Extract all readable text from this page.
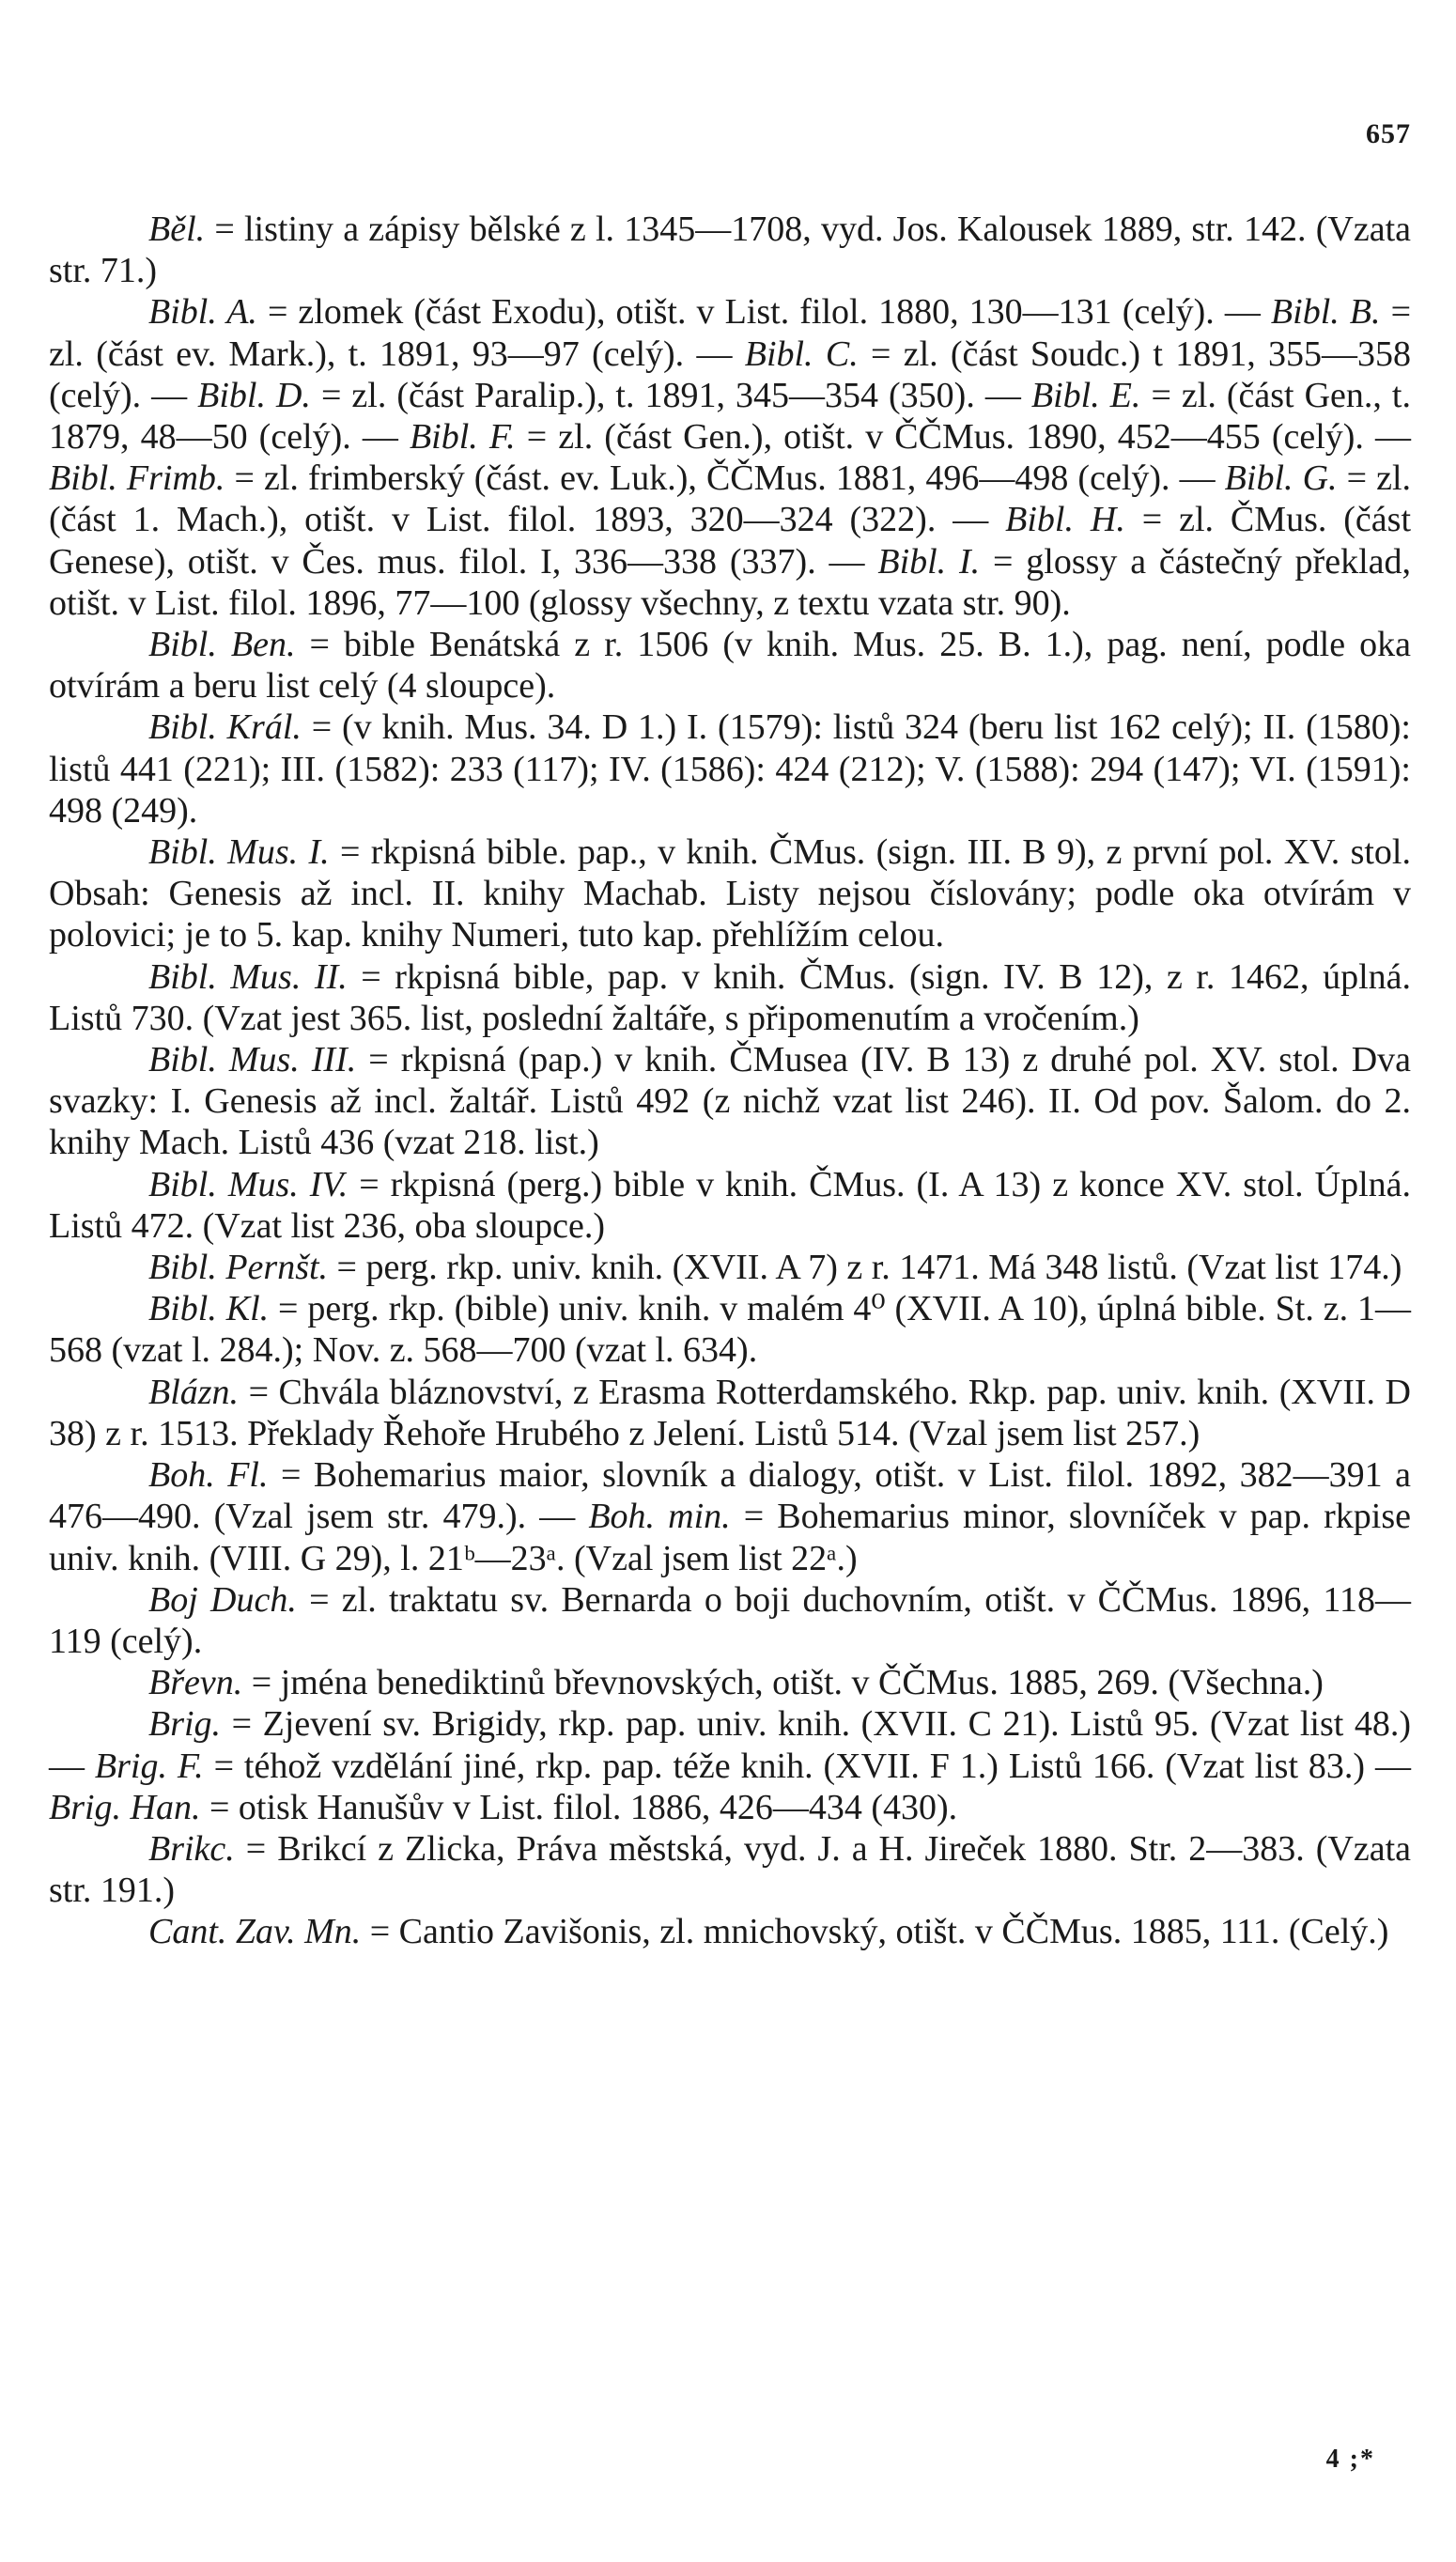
657

Běl. = listiny a zápisy bělské z l. 1345—1708, vyd. Jos. Kalousek 1889, str. 142. (Vzata str. 71.)

Bibl. A. = zlomek (část Exodu), otišt. v List. filol. 1880, 130—131 (celý). — Bibl. B. = zl. (část ev. Mark.), t. 1891, 93—97 (celý). — Bibl. C. = zl. (část Soudc.) t 1891, 355—358 (celý). — Bibl. D. = zl. (část Paralip.), t. 1891, 345—354 (350). — Bibl. E. = zl. (část Gen., t. 1879, 48—50 (celý). — Bibl. F. = zl. (část Gen.), otišt. v ČČMus. 1890, 452—455 (celý). — Bibl. Frimb. = zl. frimberský (část. ev. Luk.), ČČMus. 1881, 496—498 (celý). — Bibl. G. = zl. (část 1. Mach.), otišt. v List. filol. 1893, 320—324 (322). — Bibl. H. = zl. ČMus. (část Genese), otišt. v Čes. mus. filol. I, 336—338 (337). — Bibl. I. = glossy a částečný překlad, otišt. v List. filol. 1896, 77—100 (glossy všechny, z textu vzata str. 90).

Bibl. Ben. = bible Benátská z r. 1506 (v knih. Mus. 25. B. 1.), pag. není, podle oka otvírám a beru list celý (4 sloupce).

Bibl. Král. = (v knih. Mus. 34. D 1.) I. (1579): listů 324 (beru list 162 celý); II. (1580): listů 441 (221); III. (1582): 233 (117); IV. (1586): 424 (212); V. (1588): 294 (147); VI. (1591): 498 (249).

Bibl. Mus. I. = rkpisná bible. pap., v knih. ČMus. (sign. III. B 9), z první pol. XV. stol. Obsah: Genesis až incl. II. knihy Machab. Listy nejsou číslovány; podle oka otvírám v polovici; je to 5. kap. knihy Numeri, tuto kap. přehlížím celou.

Bibl. Mus. II. = rkpisná bible, pap. v knih. ČMus. (sign. IV. B 12), z r. 1462, úplná. Listů 730. (Vzat jest 365. list, poslední žaltáře, s připomenutím a vročením.)

Bibl. Mus. III. = rkpisná (pap.) v knih. ČMusea (IV. B 13) z druhé pol. XV. stol. Dva svazky: I. Genesis až incl. žaltář. Listů 492 (z nichž vzat list 246). II. Od pov. Šalom. do 2. knihy Mach. Listů 436 (vzat 218. list.)

Bibl. Mus. IV. = rkpisná (perg.) bible v knih. ČMus. (I. A 13) z konce XV. stol. Úplná. Listů 472. (Vzat list 236, oba sloupce.)

Bibl. Pernšt. = perg. rkp. univ. knih. (XVII. A 7) z r. 1471. Má 348 listů. (Vzat list 174.)

Bibl. Kl. = perg. rkp. (bible) univ. knih. v malém 4⁰ (XVII. A 10), úplná bible. St. z. 1—568 (vzat l. 284.); Nov. z. 568—700 (vzat l. 634).

Blázn. = Chvála bláznovství, z Erasma Rotterdamského. Rkp. pap. univ. knih. (XVII. D 38) z r. 1513. Překlady Řehoře Hrubého z Jelení. Listů 514. (Vzal jsem list 257.)

Boh. Fl. = Bohemarius maior, slovník a dialogy, otišt. v List. filol. 1892, 382—391 a 476—490. (Vzal jsem str. 479.). — Boh. min. = Bohemarius minor, slovníček v pap. rkpise univ. knih. (VIII. G 29), l. 21ᵇ—23ᵃ. (Vzal jsem list 22ᵃ.)

Boj Duch. = zl. traktatu sv. Bernarda o boji duchovním, otišt. v ČČMus. 1896, 118—119 (celý).

Břevn. = jména benediktinů břevnovských, otišt. v ČČMus. 1885, 269. (Všechna.)

Brig. = Zjevení sv. Brigidy, rkp. pap. univ. knih. (XVII. C 21). Listů 95. (Vzat list 48.) — Brig. F. = téhož vzdělání jiné, rkp. pap. téže knih. (XVII. F 1.) Listů 166. (Vzat list 83.) — Brig. Han. = otisk Hanušův v List. filol. 1886, 426—434 (430).

Brikc. = Brikcí z Zlicka, Práva městská, vyd. J. a H. Jireček 1880. Str. 2—383. (Vzata str. 191.)

Cant. Zav. Mn. = Cantio Zavišonis, zl. mnichovský, otišt. v ČČMus. 1885, 111. (Celý.)

4 ;*
